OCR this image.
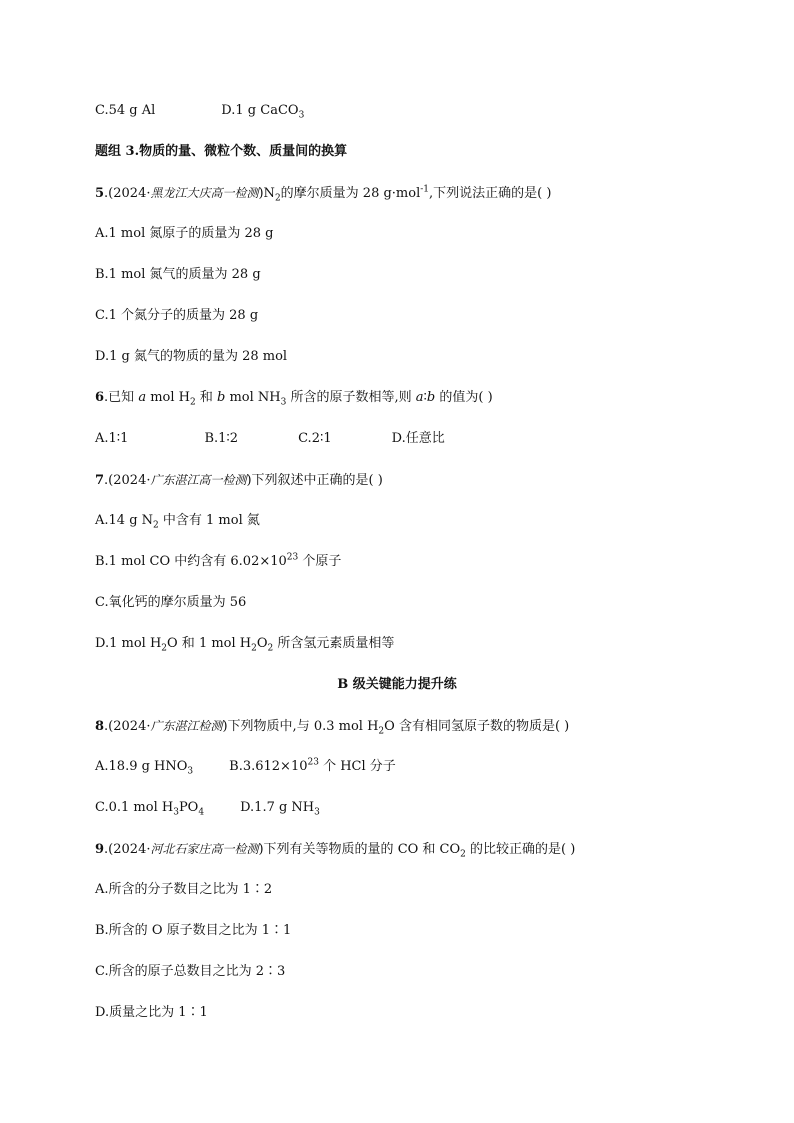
C.54 g Al	D.1 g CaCO$_3$
题组 3.物质的量、微粒个数、质量间的换算
5.(2024·黑龙江大庆高一检测)$N_2$的摩尔质量为 28 g·mol$^{-1}$,下列说法正确的是( )
A.1 mol 氮原子的质量为 28 g
B.1 mol 氮气的质量为 28 g
C.1 个氮分子的质量为 28 g
D.1 g 氮气的物质的量为 28 mol
6.已知 a mol $H_2$ 和 b mol $NH_3$ 所含的原子数相等,则 a∶b 的值为( )
A.1∶1	B.1∶2	C.2∶1	D.任意比
7.(2024·广东湛江高一检测)下列叙述中正确的是( )
A.14 g $N_2$ 中含有 1 mol 氮
B.1 mol CO 中约含有 $6.02\times 10^{23}$ 个原子
C.氧化钙的摩尔质量为 56
D.1 mol $H_2O$ 和 1 mol $H_2O_2$ 所含氢元素质量相等
B 级关键能力提升练
8.(2024·广东湛江检测)下列物质中,与 0.3 mol $H_2O$ 含有相同氢原子数的物质是( )
A.18.9 g $HNO_3$	$B.3.612\times 10^{23}$ 个 HCl 分子
C.0.1 mol $H_3PO_4$	D.1.7 g $NH_3$
9.(2024·河北石家庄高一检测)下列有关等物质的量的 CO 和 $CO_2$ 的比较正确的是( )
A.所含的分子数目之比为 1∶2
B.所含的 O 原子数目之比为 1∶1
C.所含的原子总数目之比为 2∶3
D.质量之比为 1∶1
